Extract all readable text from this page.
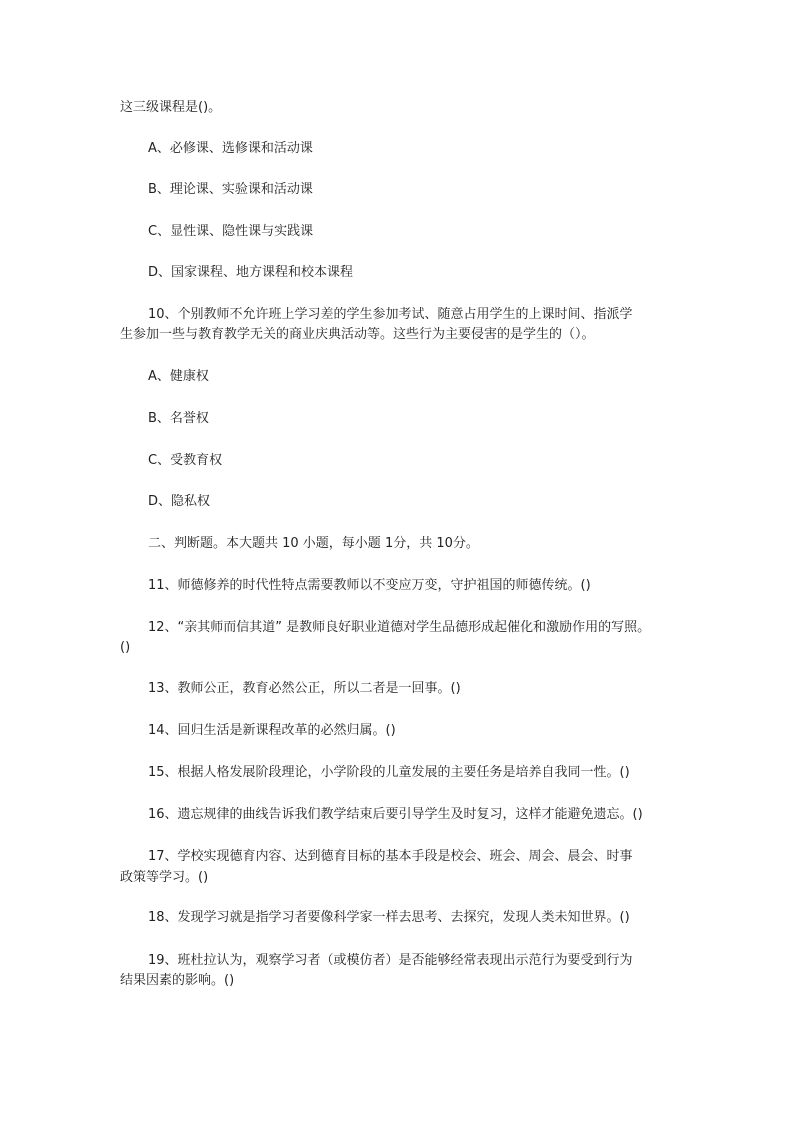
这三级课程是()。

A、必修课、选修课和活动课

B、理论课、实验课和活动课

C、显性课、隐性课与实践课

D、国家课程、地方课程和校本课程

10、个别教师不允许班上学习差的学生参加考试、随意占用学生的上课时间、指派学

生参加一些与教育教学无关的商业庆典活动等。这些行为主要侵害的是学生的（）。

A、健康权

B、名誉权

C、受教育权

D、隐私权

二、判断题。本大题共 10 小题，每小题 1分，共 10分。

11、师德修养的时代性特点需要教师以不变应万变，守护祖国的师德传统。()

12、“亲其师而信其道” 是教师良好职业道德对学生品德形成起催化和激励作用的写照。

()

13、教师公正，教育必然公正，所以二者是一回事。()

14、回归生活是新课程改革的必然归属。()

15、根据人格发展阶段理论，小学阶段的儿童发展的主要任务是培养自我同一性。()

16、遗忘规律的曲线告诉我们教学结束后要引导学生及时复习，这样才能避免遗忘。()

17、学校实现德育内容、达到德育目标的基本手段是校会、班会、周会、晨会、时事

政策等学习。()

18、发现学习就是指学习者要像科学家一样去思考、去探究，发现人类未知世界。()

19、班杜拉认为，观察学习者（或模仿者）是否能够经常表现出示范行为要受到行为

结果因素的影响。()
